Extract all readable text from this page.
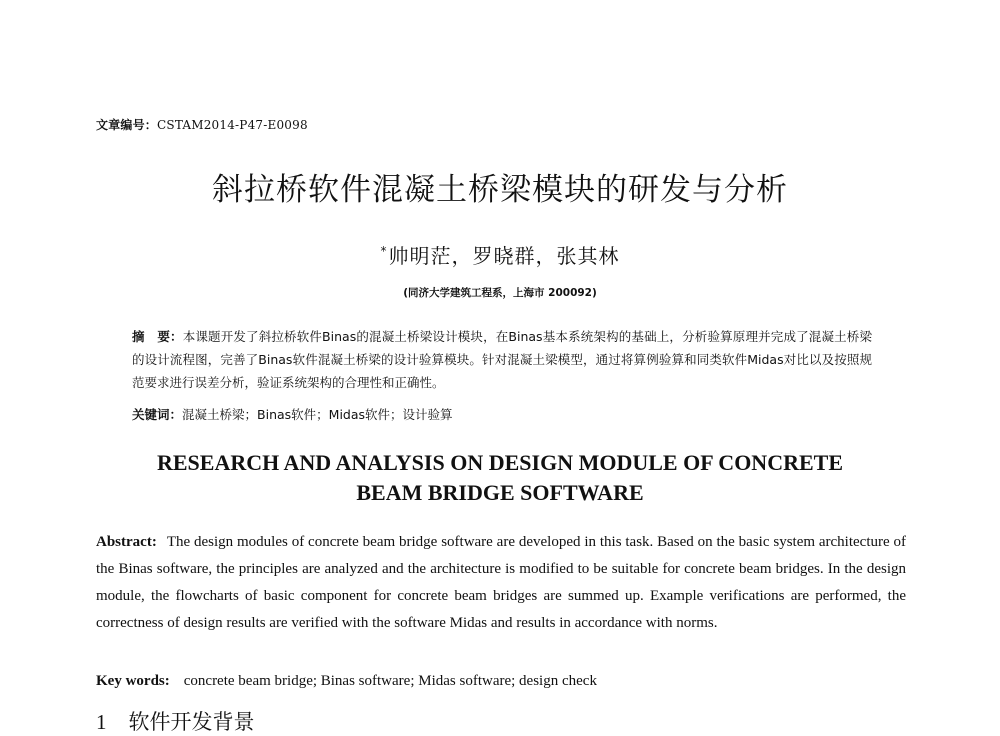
文章编号：CSTAM2014-P47-E0098
斜拉桥软件混凝土桥梁模块的研发与分析
*帅明茫，罗晓群，张其林
(同济大学建筑工程系，上海市 200092)
摘　要：本课题开发了斜拉桥软件Binas的混凝土桥梁设计模块，在Binas基本系统架构的基础上，分析验算原理并完成了混凝土桥梁的设计流程图，完善了Binas软件混凝土桥梁的设计验算模块。针对混凝土梁模型，通过将算例验算和同类软件Midas对比以及按照规范要求进行误差分析，验证系统架构的合理性和正确性。
关键词：混凝土桥梁；Binas软件；Midas软件；设计验算
RESEARCH AND ANALYSIS ON DESIGN MODULE OF CONCRETE
BEAM BRIDGE SOFTWARE
Abstract: The design modules of concrete beam bridge software are developed in this task. Based on the basic system architecture of the Binas software, the principles are analyzed and the architecture is modified to be suitable for concrete beam bridges. In the design module, the flowcharts of basic component for concrete beam bridges are summed up. Example verifications are performed, the correctness of design results are verified with the software Midas and results in accordance with norms.
Key words: concrete beam bridge; Binas software; Midas software; design check
1 软件开发背景
